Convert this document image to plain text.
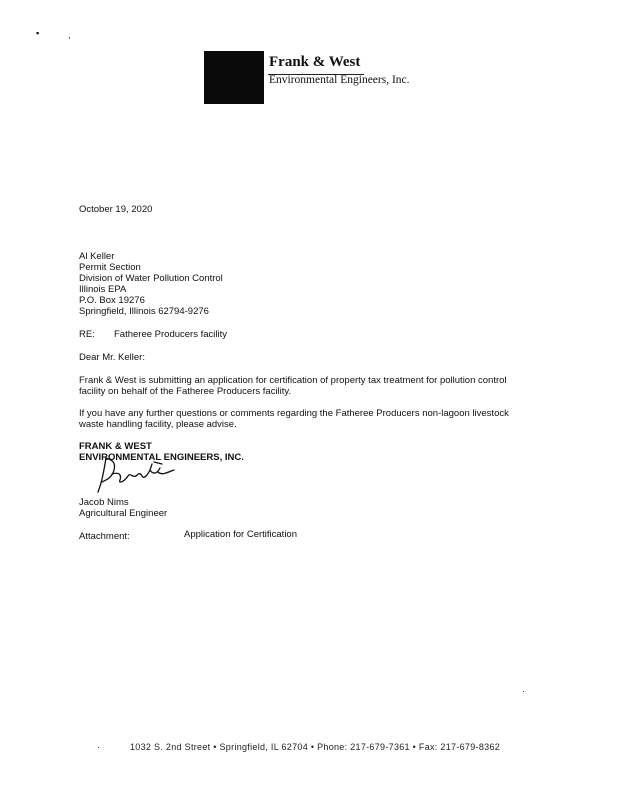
▪	,
·
·
Frank & West
Environmental Engineers, Inc.
October 19, 2020
Al Keller
Permit Section
Division of Water Pollution Control
Illinois EPA
P.O. Box 19276
Springfield, Illinois 62794-9276
RE: Fatheree Producers facility
Dear Mr. Keller:
Frank & West is submitting an application for certification of property tax treatment for pollution control
facility on behalf of the Fatheree Producers facility.
If you have any further questions or comments regarding the Fatheree Producers non-lagoon livestock
waste handling facility, please advise.
FRANK & WEST
ENVIRONMENTAL ENGINEERS, INC.
Jacob Nims
Agricultural Engineer
Attachment:	Application for Certification
1032 S. 2nd Street • Springfield, IL 62704 • Phone: 217-679-7361 • Fax: 217-679-8362
